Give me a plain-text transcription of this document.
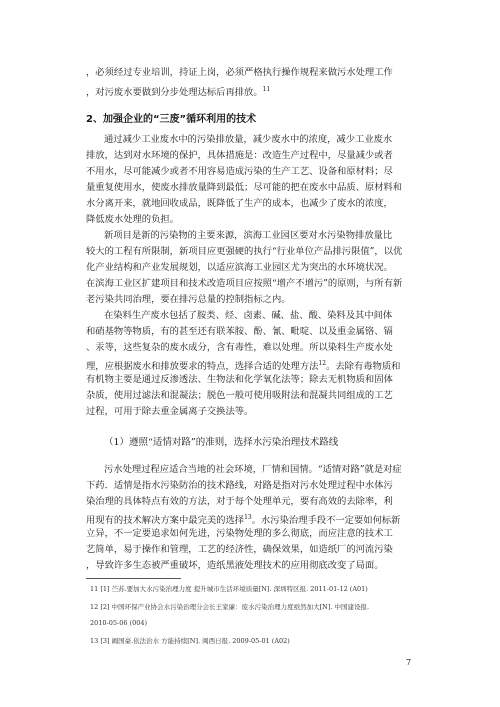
，必须经过专业培训，持证上岗，必须严格执行操作规程来做污水处理工作
，对污废水要做到分步处理达标后再排放。$^{11}$
2、加强企业的“三废”循环利用的技术
通过减少工业废水中的污染排放量，减少废水中的浓度，减少工业废水
排放，达到对水环境的保护，具体措施是：改造生产过程中，尽量减少或者
不用水，尽可能减少或者不用容易造成污染的生产工艺、设备和原材料；尽
量重复使用水，使废水排放量降到最低；尽可能的把在废水中品质、原材料和
水分离开来，就地回收成品，既降低了生产的成本，也减少了废水的浓度，
降低废水处理的负担。
新项目是新的污染物的主要来源，滨海工业园区要对水污染物排放量比
较大的工程有所限制，新项目应更强硬的执行“行业单位产品排污限值”，以优
化产业结构和产业发展规划，以适应滨海工业园区尤为突出的水环境状况。
在滨海工业区扩建项目和技术改造项目应按照“增产不增污”的原则，与所有新
老污染共同治理，要在排污总量的控制指标之内。
在染料生产废水包括了胺类、烃、卤素、碱、盐、酸、染料及其中间体
和硝基物等物质，有的甚至还有联苯胺、酚、氰、毗啶、以及重金属铬、镉
、汞等，这些复杂的废水成分，含有毒性，难以处理。所以染料生产废水处
理，应根据废水和排放要求的特点，选择合适的处理方法$^{12}$。去除有毒物质和
有机物主要是通过反渗透法、生物法和化学氧化法等；除去无机物质和固体
杂质，使用过滤法和混凝法；脱色一般可使用吸附法和混凝共同组成的工艺
过程，可用于除去重金属离子交换法等。
（1）遵照“适情对路”的准则，选择水污染治理技术路线
污水处理过程应适合当地的社会环境，厂情和国情。“适情对路”就是对症
下药．适情是指水污染防治的技术路线，对路是指对污水处理过程中水体污
染治理的具体特点有效的方法，对于每个处理单元，要有高效的去除率，利
用现有的技术解决方案中最完美的选择$^{13}$。水污染治理手段不一定要如何标新
立异，不一定要追求如何先进，污染物处理的多么彻底，而应注意的技术工
艺简单，易于操作和管理，工艺的经济性，确保效果，如造纸厂的河流污染
，导致许多生态被严重破坏，造纸黑液处理技术的应用彻底改变了局面。
11 [1] 苎苏.要加大水污染治理力度 提升城市生活环境质量[N]. 深圳特区报. 2011-01-12 (A01)
12 [2] 中国环保产业协会水污染治理分会长王家廉：废水污染治理力度亟然加大[N]. 中国建设报.
2010-05-06 (004)
13 [3] 阚国豪.依法治水 方能持续[N]. 闽西日报. 2009-05-01 (A02)
7
